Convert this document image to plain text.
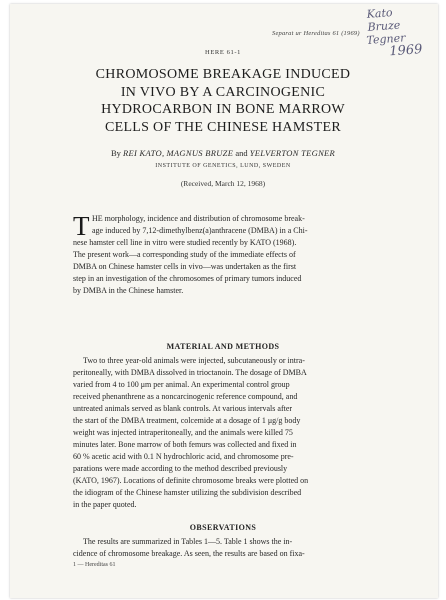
Kato
Bruze
Tegner
1969
Separat ur Hereditas 61 (1969)
HERE 61-1
CHROMOSOME BREAKAGE INDUCED
IN VIVO BY A CARCINOGENIC
HYDROCARBON IN BONE MARROW
CELLS OF THE CHINESE HAMSTER
By REI KATO, MAGNUS BRUZE and YELVERTON TEGNER
INSTITUTE OF GENETICS, LUND, SWEDEN
(Received, March 12, 1968)
T HE morphology, incidence and distribution of chromosome break-
age induced by 7,12-dimethylbenz(a)anthracene (DMBA) in a Chi-
nese hamster cell line in vitro were studied recently by KATO (1968).
The present work—a corresponding study of the immediate effects of
DMBA on Chinese hamster cells in vivo—was undertaken as the first
step in an investigation of the chromosomes of primary tumors induced
by DMBA in the Chinese hamster.
MATERIAL AND METHODS
Two to three year-old animals were injected, subcutaneously or intra-
peritoneally, with DMBA dissolved in trioctanoin. The dosage of DMBA
varied from 4 to 100 μm per animal. An experimental control group
received phenanthrene as a noncarcinogenic reference compound, and
untreated animals served as blank controls. At various intervals after
the start of the DMBA treatment, colcemide at a dosage of 1 μg/g body
weight was injected intraperitoneally, and the animals were killed 75
minutes later. Bone marrow of both femurs was collected and fixed in
60 % acetic acid with 0.1 N hydrochloric acid, and chromosome pre-
parations were made according to the method described previously
(KATO, 1967). Locations of definite chromosome breaks were plotted on
the idiogram of the Chinese hamster utilizing the subdivision described
in the paper quoted.
OBSERVATIONS
The results are summarized in Tables 1—5. Table 1 shows the in-
cidence of chromosome breakage. As seen, the results are based on fixa-
1 — Hereditas 61
